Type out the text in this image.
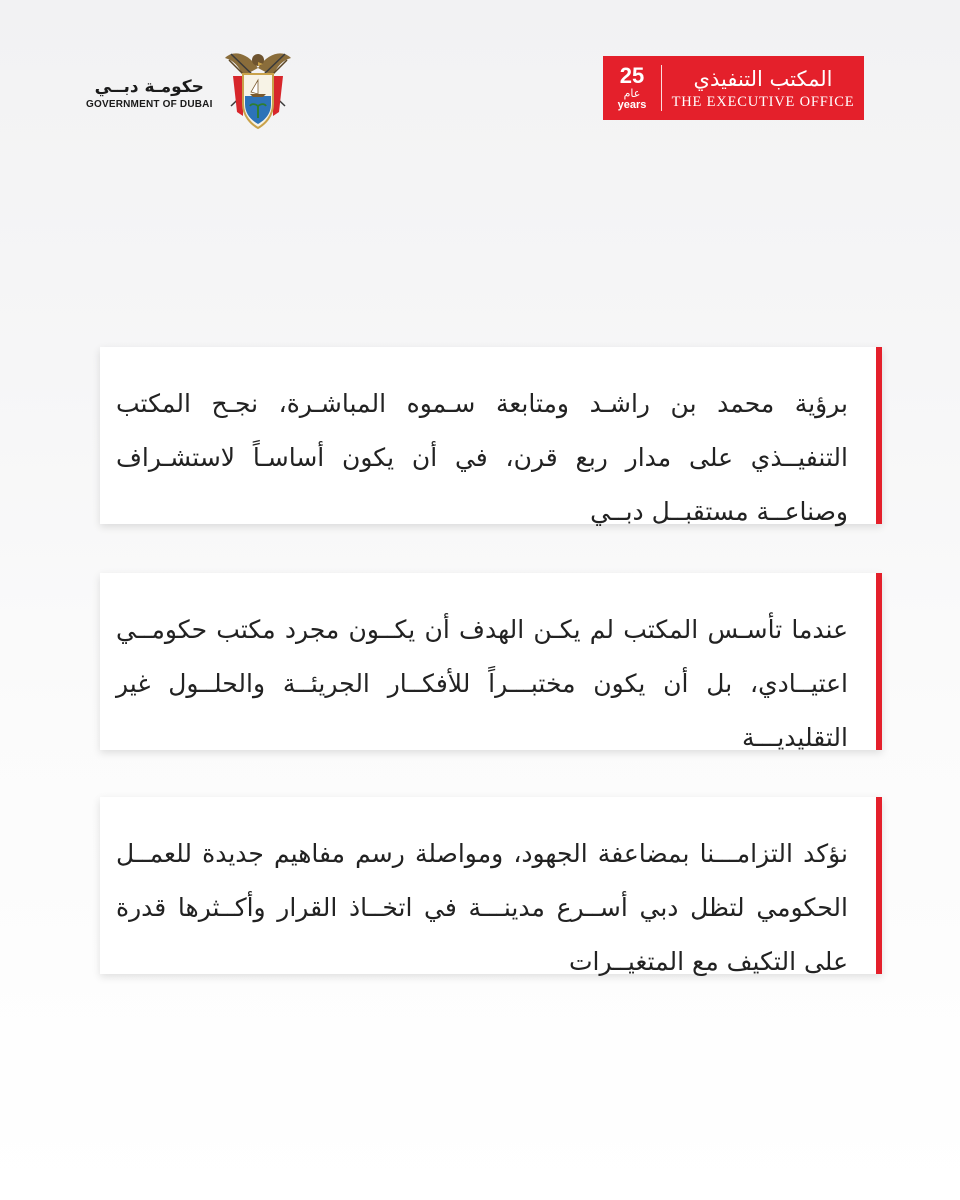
حكومـة دبــي
GOVERNMENT OF DUBAI
25
عام
years
المكتب التنفيذي
THE EXECUTIVE OFFICE

برؤية محمد بن راشـد ومتابعة سـموه المباشـرة، نجـح المكتب التنفيــذي على مدار ربع قرن، في أن يكون أساسـاً لاستشـراف وصناعــة مستقبــل دبــي

عندما تأسـس المكتب لم يكـن الهدف أن يكــون مجرد مكتب حكومــي اعتيــادي، بل أن يكون مختبـــراً للأفكــار الجريئــة والحلــول غير التقليديـــة

نؤكد التزامـــنا بمضاعفة الجهود، ومواصلة رسم مفاهيم جديدة للعمــل الحكومي لتظل دبي أســرع مدينـــة في اتخــاذ القرار وأكــثرها قدرة على التكيف مع المتغيــرات
